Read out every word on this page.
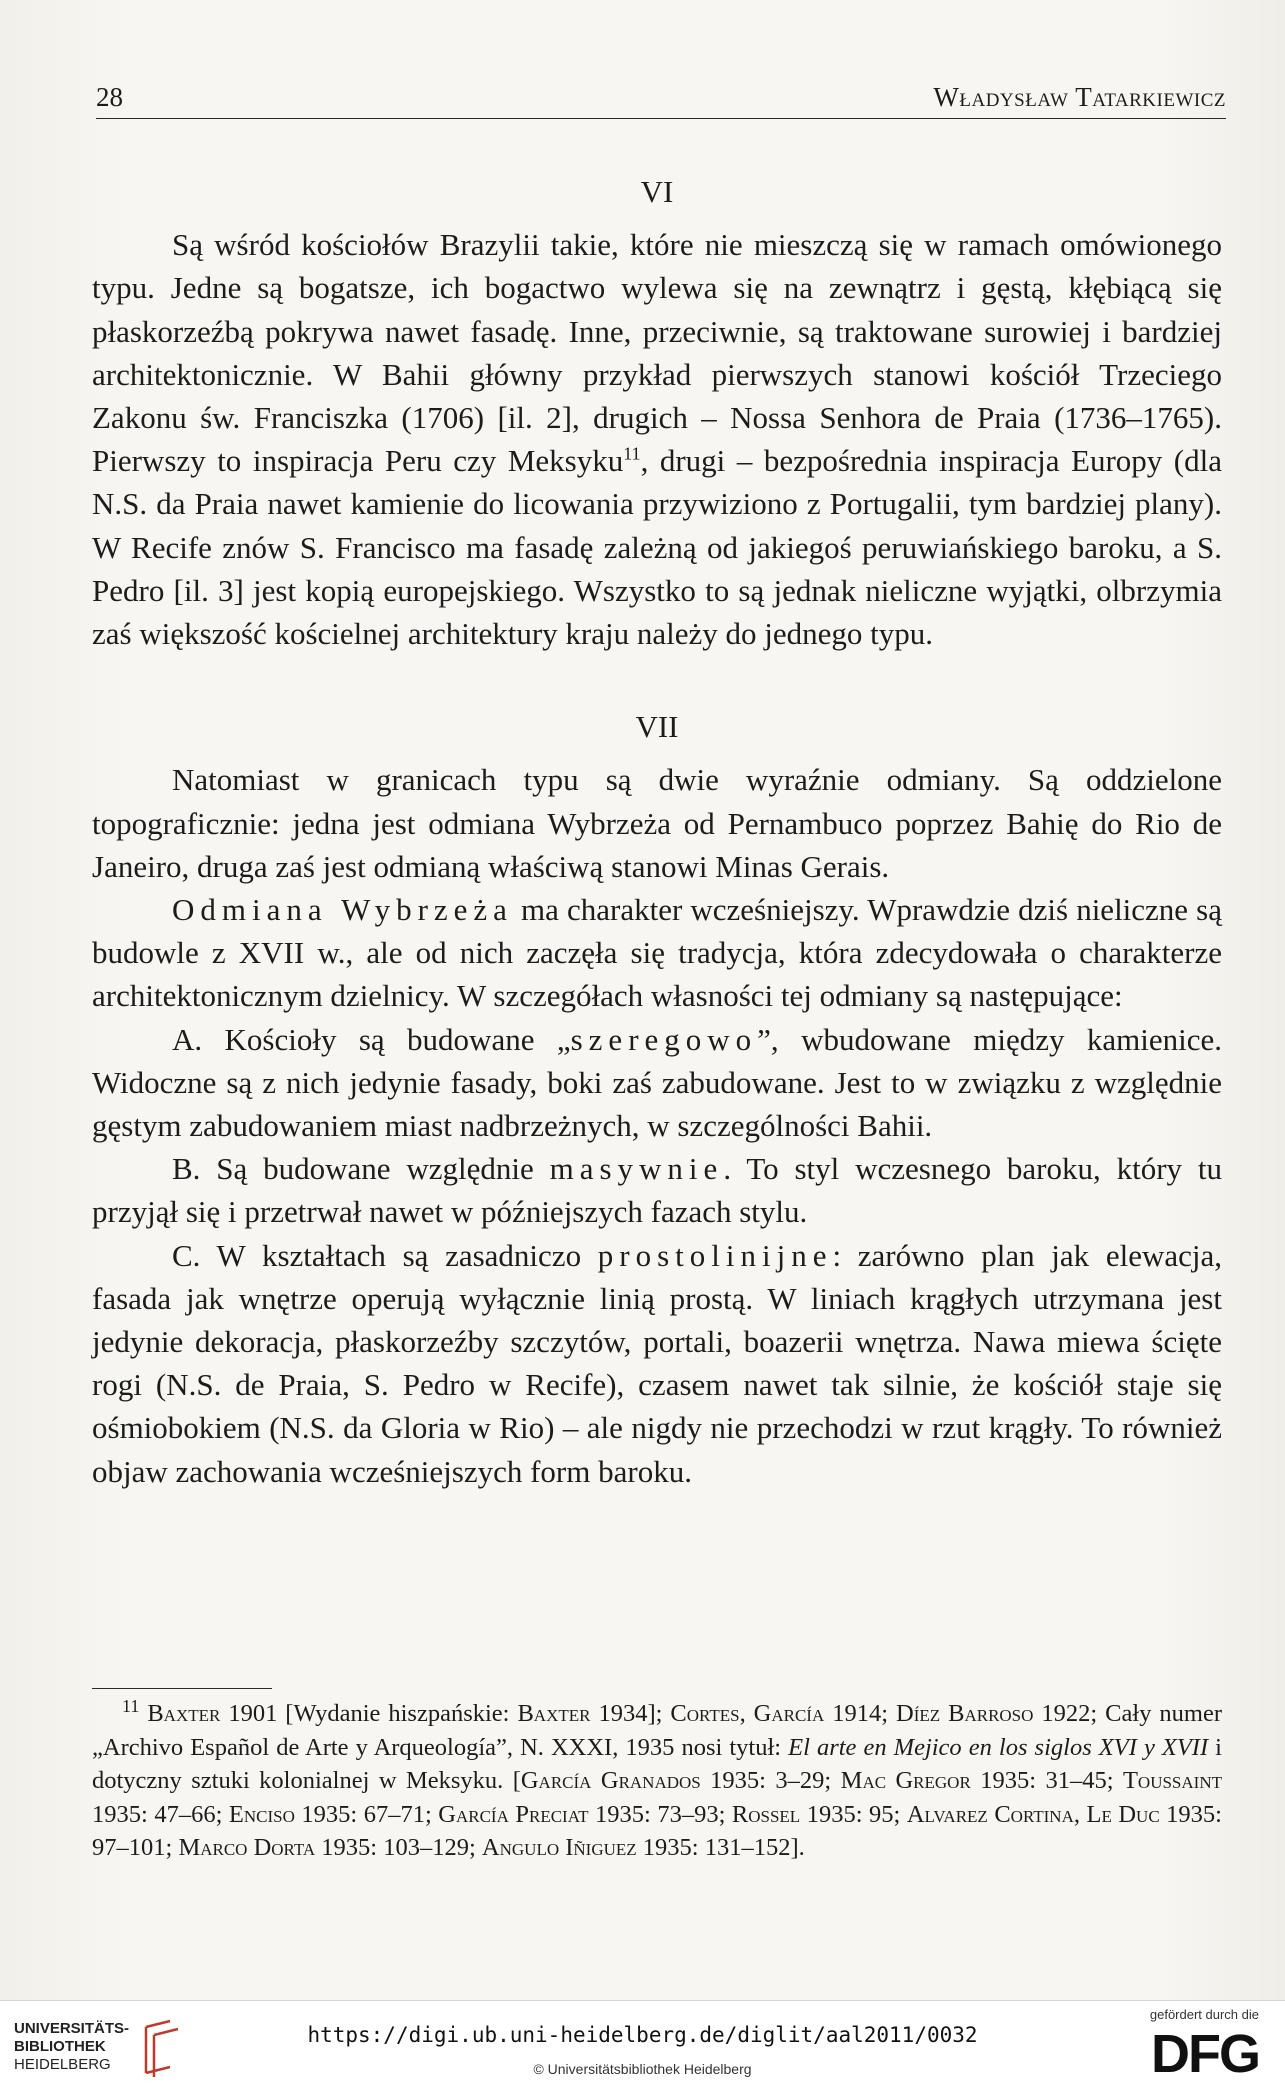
28	Władysław Tatarkiewicz
VI

Są wśród kościołów Brazylii takie, które nie mieszczą się w ramach omówionego typu. Jedne są bogatsze, ich bogactwo wylewa się na zewnątrz i gęstą, kłębiącą się płaskorzeźbą pokrywa nawet fasadę. Inne, przeciwnie, są traktowane surowiej i bardziej architektonicznie. W Bahii główny przykład pierwszych stanowi kościół Trzeciego Zakonu św. Franciszka (1706) [il. 2], drugich – Nossa Senhora de Praia (1736–1765). Pierwszy to inspiracja Peru czy Meksyku$^{11}$, drugi – bezpośrednia inspiracja Europy (dla N.S. da Praia nawet kamienie do licowania przywiziono z Portugalii, tym bardziej plany). W Recife znów S. Francisco ma fasadę zależną od jakiegoś peruwiańskiego baroku, a S. Pedro [il. 3] jest kopią europejskiego. Wszystko to są jednak nieliczne wyjątki, olbrzymia zaś większość kościelnej architektury kraju należy do jednego typu.

VII

Natomiast w granicach typu są dwie wyraźnie odmiany. Są oddzielone topograficznie: jedna jest odmiana Wybrzeża od Pernambuco poprzez Bahię do Rio de Janeiro, druga zaś jest odmianą właściwą stanowi Minas Gerais.

Odmiana Wybrzeża ma charakter wcześniejszy. Wprawdzie dziś nieliczne są budowle z XVII w., ale od nich zaczęła się tradycja, która zdecydowała o charakterze architektonicznym dzielnicy. W szczegółach własności tej odmiany są następujące:

A. Kościoły są budowane „szeregowo”, wbudowane między kamienice. Widoczne są z nich jedynie fasady, boki zaś zabudowane. Jest to w związku z względnie gęstym zabudowaniem miast nadbrzeżnych, w szczególności Bahii.

B. Są budowane względnie masywnie. To styl wczesnego baroku, który tu przyjął się i przetrwał nawet w późniejszych fazach stylu.

C. W kształtach są zasadniczo prostolinijne: zarówno plan jak elewacja, fasada jak wnętrze operują wyłącznie linią prostą. W liniach krągłych utrzymana jest jedynie dekoracja, płaskorzeźby szczytów, portali, boazerii wnętrza. Nawa miewa ścięte rogi (N.S. de Praia, S. Pedro w Recife), czasem nawet tak silnie, że kościół staje się ośmiobokiem (N.S. da Gloria w Rio) – ale nigdy nie przechodzi w rzut krągły. To również objaw zachowania wcześniejszych form baroku.

$^{11}$ Baxter 1901 [Wydanie hiszpańskie: Baxter 1934]; Cortes, García 1914; Díez Barroso 1922; Cały numer „Archivo Español de Arte y Arqueología”, N. XXXI, 1935 nosi tytuł: El arte en Mejico en los siglos XVI y XVII i dotyczny sztuki kolonialnej w Meksyku. [García Granados 1935: 3–29; Mac Gregor 1935: 31–45; Toussaint 1935: 47–66; Enciso 1935: 67–71; García Preciat 1935: 73–93; Rossel 1935: 95; Alvarez Cortina, Le Duc 1935: 97–101; Marco Dorta 1935: 103–129; Angulo Iñiguez 1935: 131–152].

UNIVERSITÄTS-
BIBLIOTHEK
HEIDELBERG
https://digi.ub.uni-heidelberg.de/diglit/aal2011/0032
© Universitätsbibliothek Heidelberg
gefördert durch die
DFG
